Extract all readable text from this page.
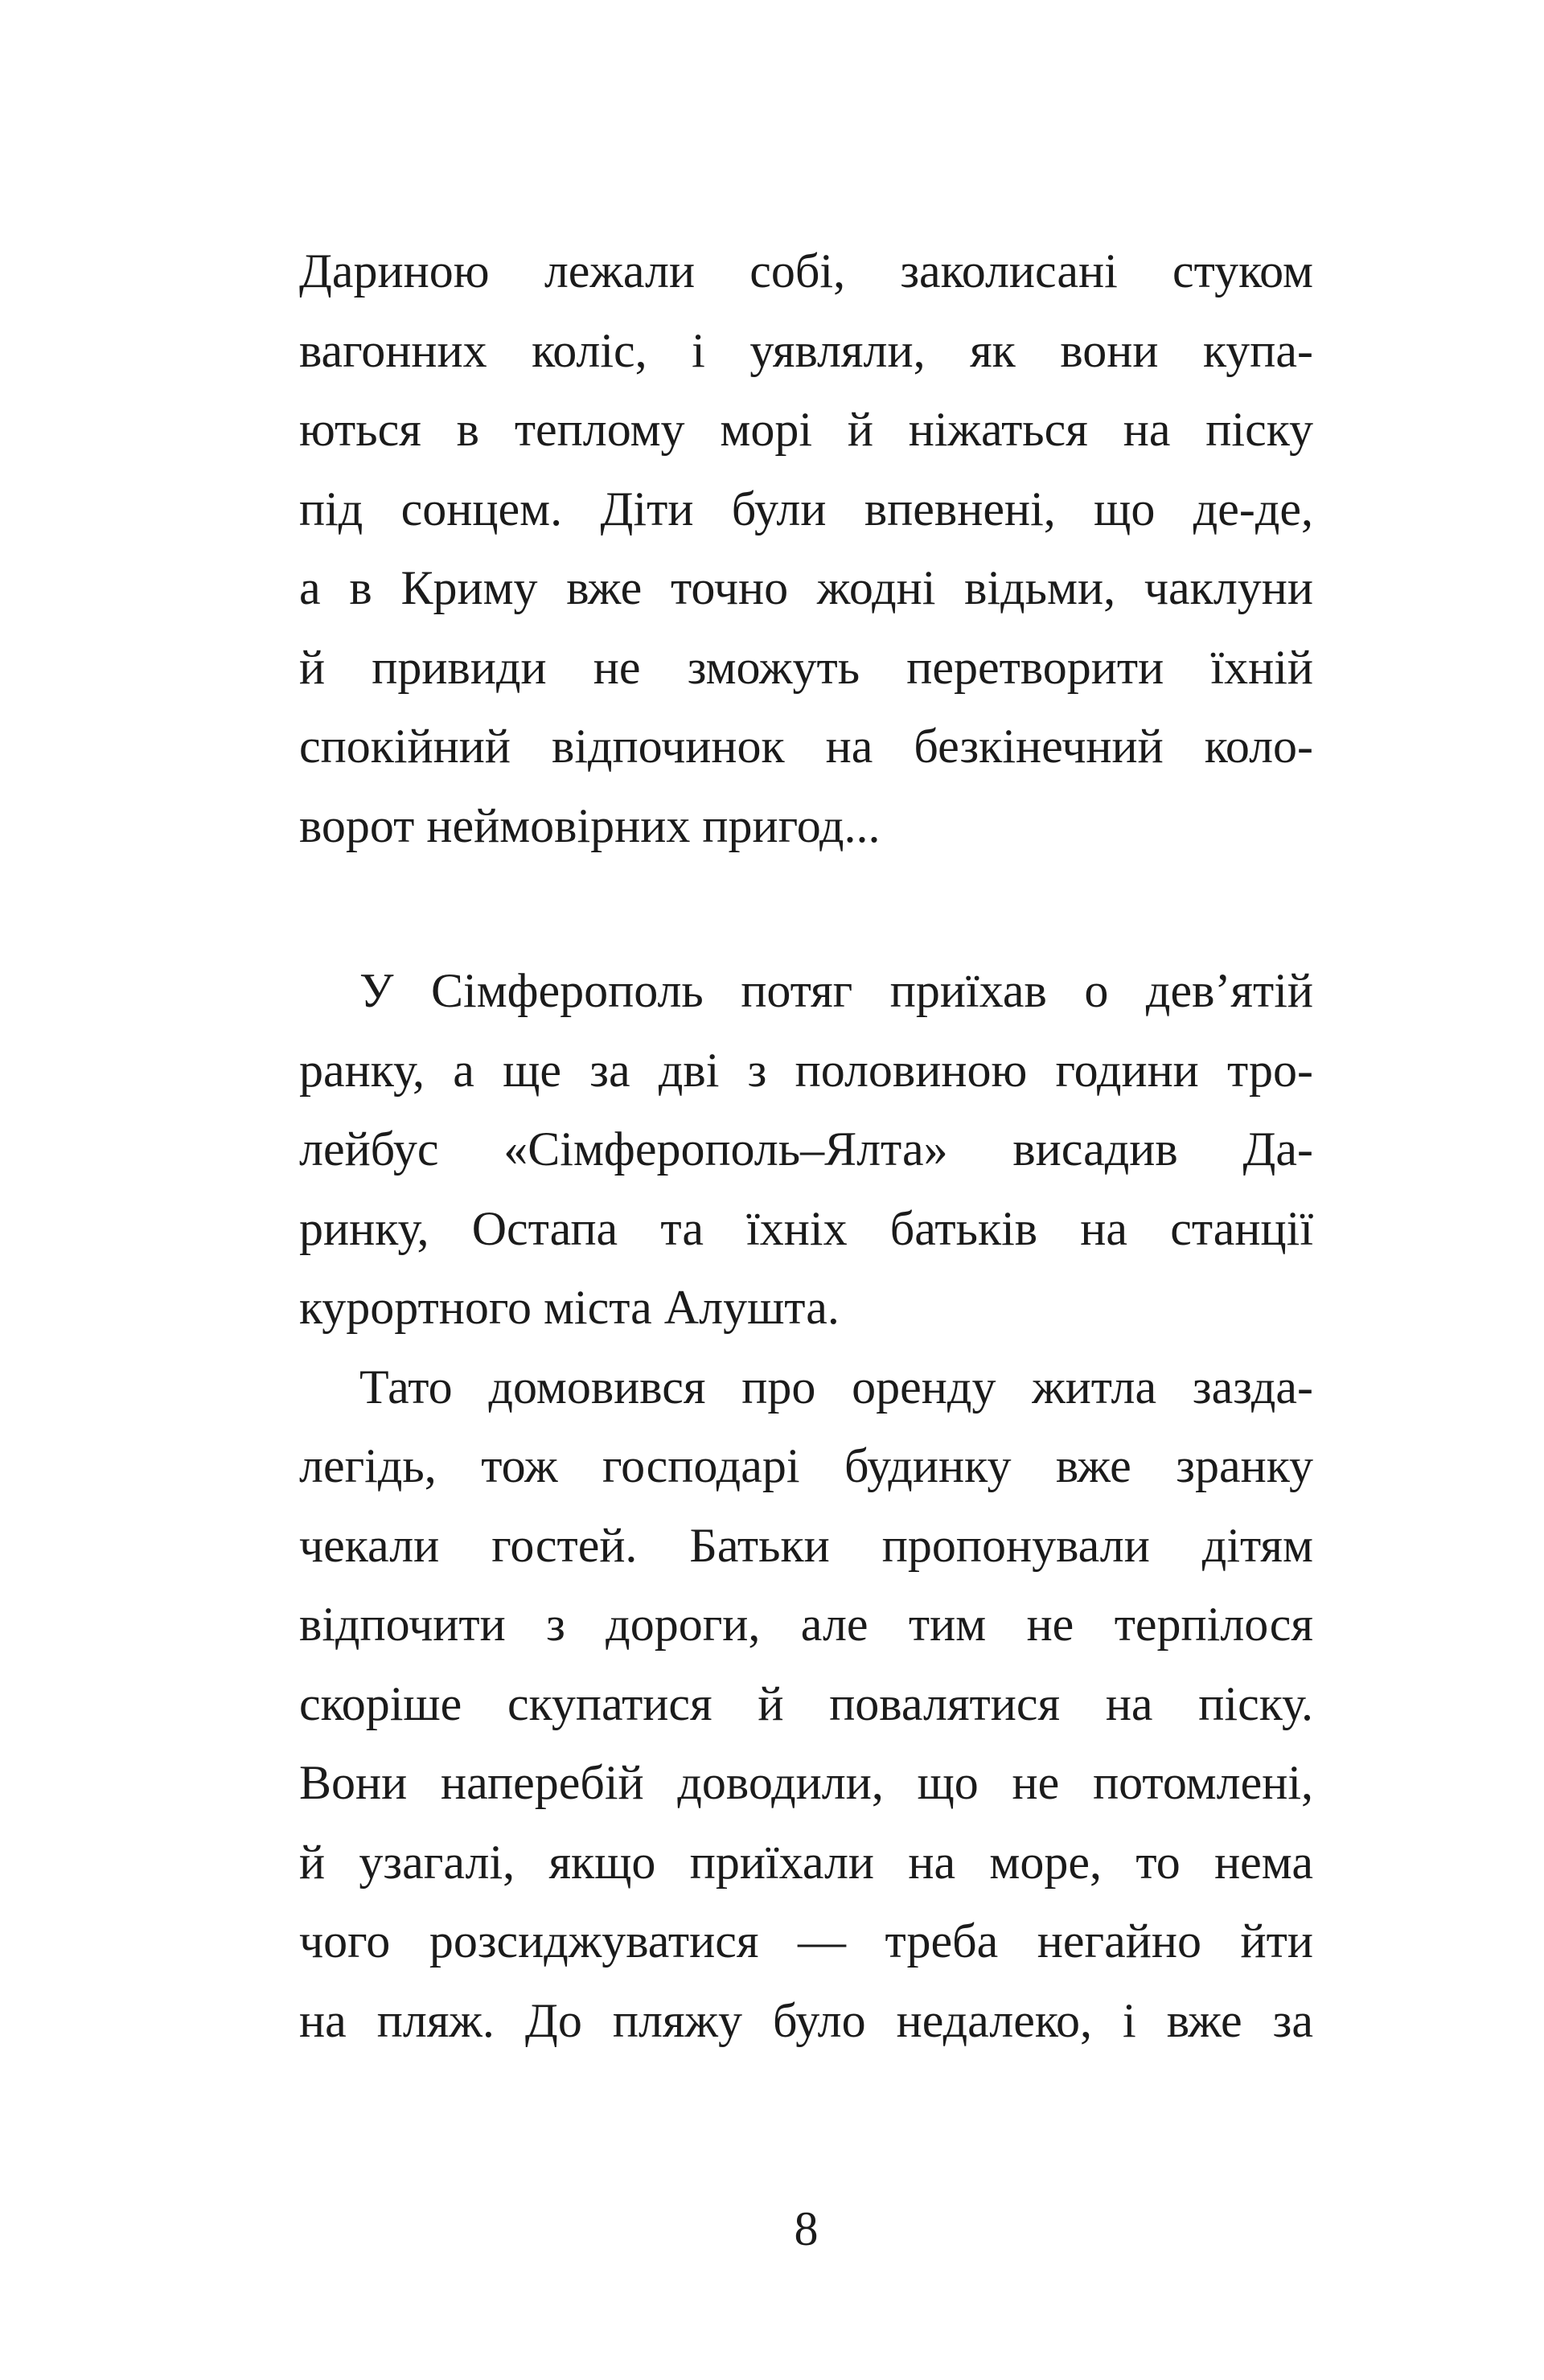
Дариною лежали собі, заколисані стуком
вагонних коліс, і уявляли, як вони купа-
ються в теплому морі й ніжаться на піску
під сонцем. Діти були впевнені, що де-де,
а в Криму вже точно жодні відьми, чаклуни
й привиди не зможуть перетворити їхній
спокійний відпочинок на безкінечний коло-
ворот неймовірних пригод...
У Сімферополь потяг приїхав о дев’ятій
ранку, а ще за дві з половиною години тро-
лейбус «Сімферополь–Ялта» висадив Да-
ринку, Остапа та їхніх батьків на станції
курортного міста Алушта.
Тато домовився про оренду житла зазда-
легідь, тож господарі будинку вже зранку
чекали гостей. Батьки пропонували дітям
відпочити з дороги, але тим не терпілося
скоріше скупатися й повалятися на піску.
Вони наперебій доводили, що не потомлені,
й узагалі, якщо приїхали на море, то нема
чого розсиджуватися — треба негайно йти
на пляж. До пляжу було недалеко, і вже за
8
